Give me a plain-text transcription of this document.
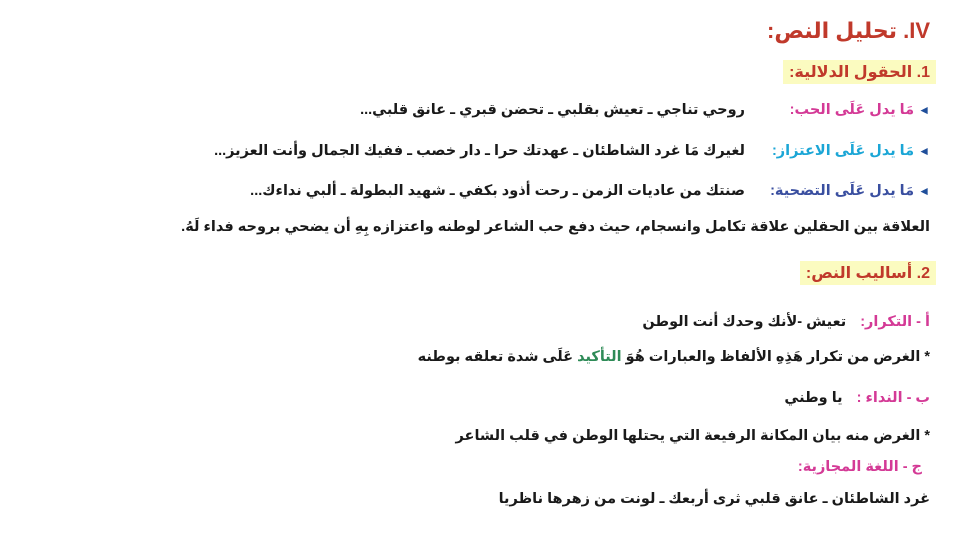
IV. تحليل النص:
1. الحقول الدلالية:
◄مَا يدل عَلَى الحب:روحي تناجي ـ تعيش بقلبي ـ تحضن قبري ـ عانق قلبي...
◄مَا يدل عَلَى الاعتزاز:لغيرك مَا غرد الشاطئان ـ عهدتك حرا ـ دار خصب ـ ففيك الجمال وأنت العزيز...
◄مَا يدل عَلَى التضحية:صنتك من عاديات الزمن ـ رحت أذود بكفي ـ شهيد البطولة ـ ألبي نداءك...
العلاقة بين الحقلين علاقة تكامل وانسجام، حيث دفع حب الشاعر لوطنه واعتزازه بِهِ أن يضحي بروحه فداء لَهُ.
2. أساليب النص:
أ - التكرار:تعيش -لأنك وحدك أنت الوطن
* الغرض من تكرار هَذِهِ الألفاظ والعبارات هُوَ التأكيد عَلَى شدة تعلقه بوطنه
ب - النداء :يا وطني
* الغرض منه بيان المكانة الرفيعة التي يحتلها الوطن في قلب الشاعر
ج - اللغة المجازية:
غرد الشاطئان ـ عانق قلبي ثرى أربعك ـ لونت من زهرها ناظريا
